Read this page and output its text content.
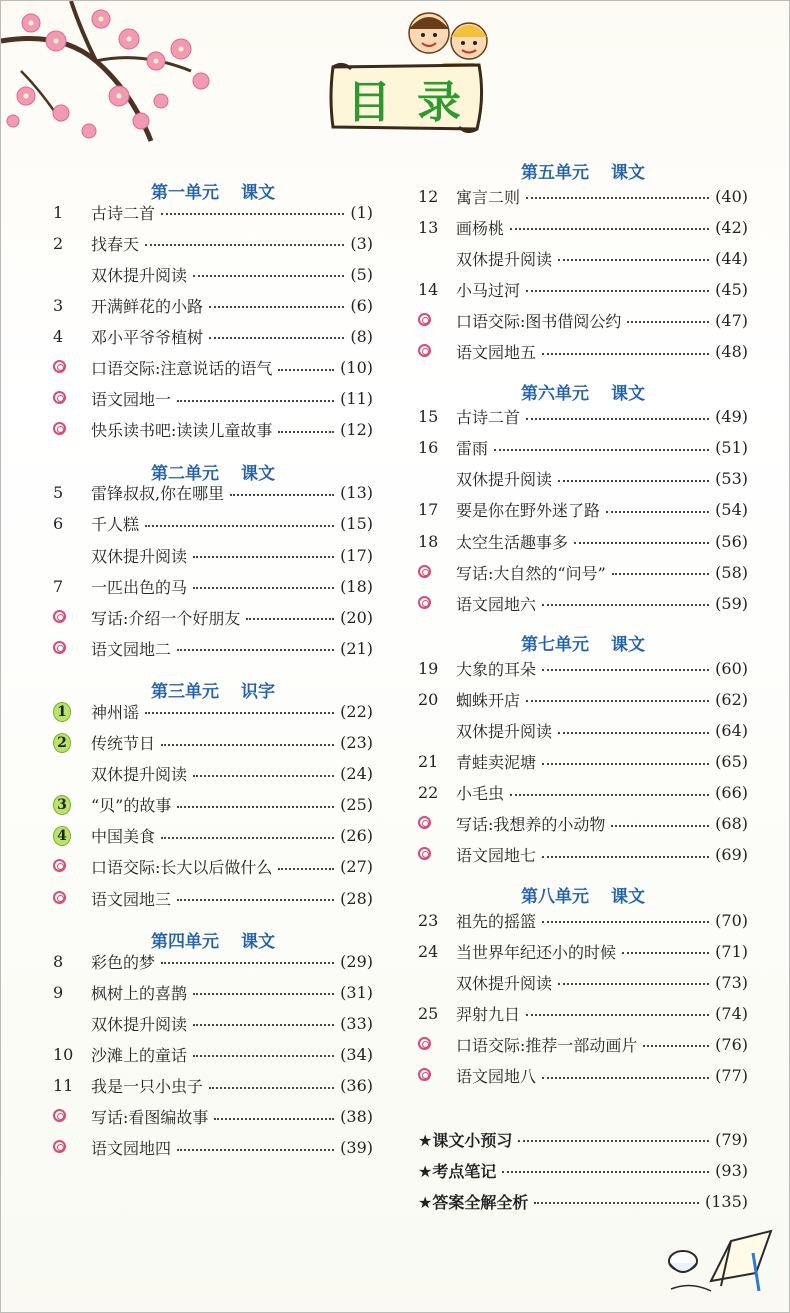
目 录
第一单元 课文
1	古诗二首	(1)
2	找春天	(3)
双休提升阅读	(5)
3	开满鲜花的小路	(6)
4	邓小平爷爷植树	(8)
口语交际:注意说话的语气	(10)
语文园地一	(11)
快乐读书吧:读读儿童故事	(12)
第二单元 课文
5	雷锋叔叔,你在哪里	(13)
6	千人糕	(15)
双休提升阅读	(17)
7	一匹出色的马	(18)
写话:介绍一个好朋友	(20)
语文园地二	(21)
第三单元 识字
1	神州谣	(22)
2	传统节日	(23)
双休提升阅读	(24)
3	“贝”的故事	(25)
4	中国美食	(26)
口语交际:长大以后做什么	(27)
语文园地三	(28)
第四单元 课文
8	彩色的梦	(29)
9	枫树上的喜鹊	(31)
双休提升阅读	(33)
10	沙滩上的童话	(34)
11	我是一只小虫子	(36)
写话:看图编故事	(38)
语文园地四	(39)
第五单元 课文
12	寓言二则	(40)
13	画杨桃	(42)
双休提升阅读	(44)
14	小马过河	(45)
口语交际:图书借阅公约	(47)
语文园地五	(48)
第六单元 课文
15	古诗二首	(49)
16	雷雨	(51)
双休提升阅读	(53)
17	要是你在野外迷了路	(54)
18	太空生活趣事多	(56)
写话:大自然的“问号”	(58)
语文园地六	(59)
第七单元 课文
19	大象的耳朵	(60)
20	蜘蛛开店	(62)
双休提升阅读	(64)
21	青蛙卖泥塘	(65)
22	小毛虫	(66)
写话:我想养的小动物	(68)
语文园地七	(69)
第八单元 课文
23	祖先的摇篮	(70)
24	当世界年纪还小的时候	(71)
双休提升阅读	(73)
25	羿射九日	(74)
口语交际:推荐一部动画片	(76)
语文园地八	(77)
★课文小预习	(79)
★考点笔记	(93)
★答案全解全析	(135)
